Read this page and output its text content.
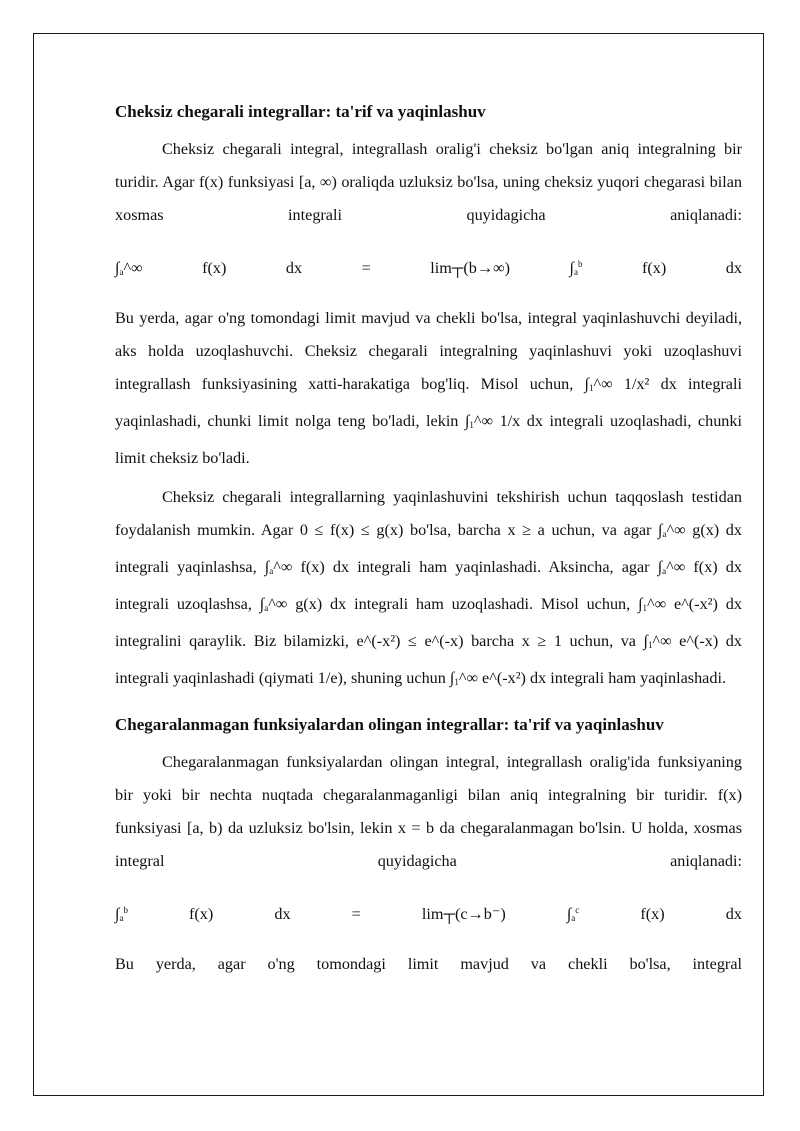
Cheksiz chegarali integrallar: ta'rif va yaqinlashuv

Cheksiz chegarali integral, integrallash oralig'i cheksiz bo'lgan aniq integralning bir turidir. Agar f(x) funksiyasi [a, ∞) oraliqda uzluksiz bo'lsa, uning cheksiz yuqori chegarasi bilan xosmas integrali quyidagicha aniqlanadi:

$\int_a\^{}\infty$	f(x)	dx	=	lim┬(b→∞)	$\int_a^b$	f(x)	dx

Bu yerda, agar o'ng tomondagi limit mavjud va chekli bo'lsa, integral yaqinlashuvchi deyiladi, aks holda uzoqlashuvchi. Cheksiz chegarali integralning yaqinlashuvi yoki uzoqlashuvi integrallash funksiyasining xatti-harakatiga bog'liq. Misol uchun, $\int_1\^{}\infty$ 1/x² dx integrali yaqinlashadi, chunki limit nolga teng bo'ladi, lekin $\int_1\^{}\infty$ 1/x dx integrali uzoqlashadi, chunki limit cheksiz bo'ladi.

Cheksiz chegarali integrallarning yaqinlashuvini tekshirish uchun taqqoslash testidan foydalanish mumkin. Agar 0 ≤ f(x) ≤ g(x) bo'lsa, barcha x ≥ a uchun, va agar $\int_a\^{}\infty$ g(x) dx integrali yaqinlashsa, $\int_a\^{}\infty$ f(x) dx integrali ham yaqinlashadi. Aksincha, agar $\int_a\^{}\infty$ f(x) dx integrali uzoqlashsa, $\int_a\^{}\infty$ g(x) dx integrali ham uzoqlashadi. Misol uchun, $\int_1\^{}\infty$ e^(-x²) dx integralini qaraylik. Biz bilamizki, e^(-x²) ≤ e^(-x) barcha x ≥ 1 uchun, va $\int_1\^{}\infty$ e^(-x) dx integrali yaqinlashadi (qiymati 1/e), shuning uchun $\int_1\^{}\infty$ e^(-x²) dx integrali ham yaqinlashadi.

Chegaralanmagan funksiyalardan olingan integrallar: ta'rif va yaqinlashuv

Chegaralanmagan funksiyalardan olingan integral, integrallash oralig'ida funksiyaning bir yoki bir nechta nuqtada chegaralanmaganligi bilan aniq integralning bir turidir. f(x) funksiyasi [a, b) da uzluksiz bo'lsin, lekin x = b da chegaralanmagan bo'lsin. U holda, xosmas integral quyidagicha aniqlanadi:

$\int_a^b$	f(x)	dx	=	lim┬(c→b⁻)	$\int_a^c$	f(x)	dx

Bu yerda, agar o'ng tomondagi limit mavjud va chekli bo'lsa, integral
